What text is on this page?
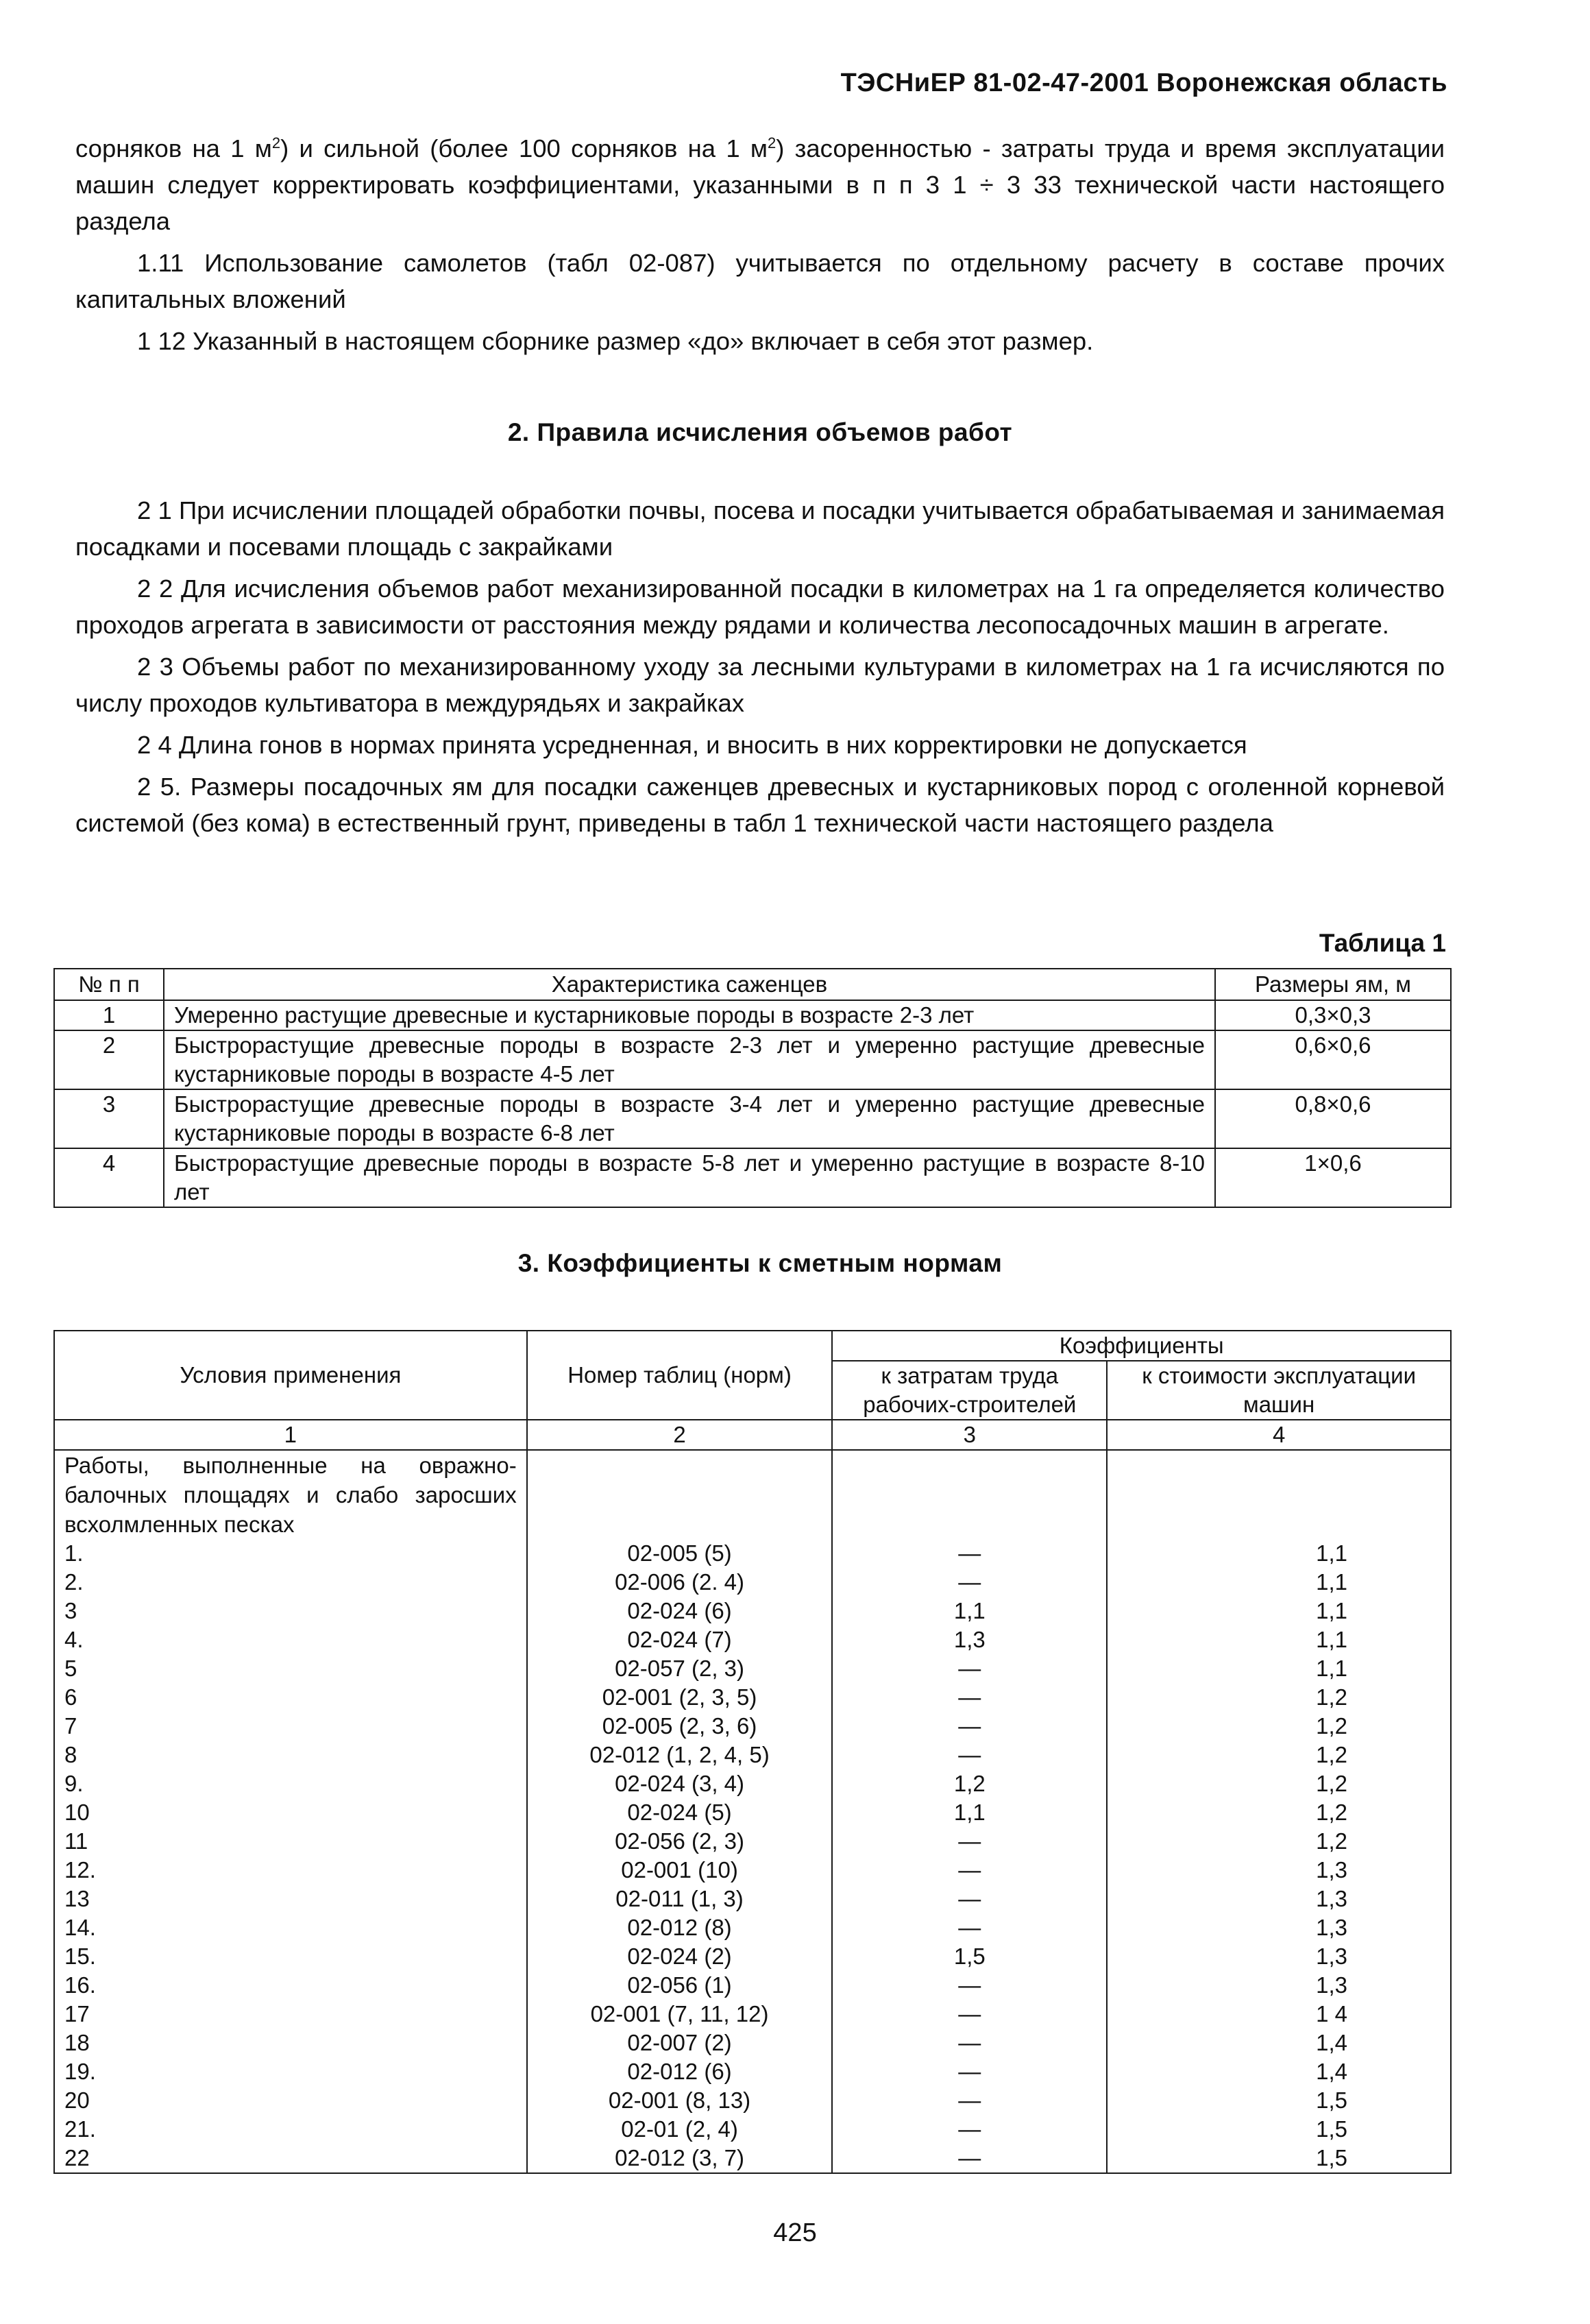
ТЭСНиЕР 81-02-47-2001 Воронежская область

сорняков на 1 $м^2$) и сильной (более 100 сорняков на 1 $м^2$) засоренностью - затраты труда и время эксплуатации машин следует корректировать коэффициентами, указанными в п п 3 1 ÷ 3 33 технической части настоящего раздела

1.11 Использование самолетов (табл 02-087) учитывается по отдельному расчету в составе прочих капитальных вложений

1 12 Указанный в настоящем сборнике размер «до» включает в себя этот размер.

2. Правила исчисления объемов работ

2 1 При исчислении площадей обработки почвы, посева и посадки учитывается обрабатываемая и занимаемая посадками и посевами площадь с закрайками

2 2 Для исчисления объемов работ механизированной посадки в километрах на 1 га определяется количество проходов агрегата в зависимости от расстояния между рядами и количества лесопосадочных машин в агрегате.

2 3 Объемы работ по механизированному уходу за лесными культурами в километрах на 1 га исчисляются по числу проходов культиватора в междурядьях и закрайках

2 4 Длина гонов в нормах принята усредненная, и вносить в них корректировки не допускается

2 5. Размеры посадочных ям для посадки саженцев древесных и кустарниковых пород с оголенной корневой системой (без кома) в естественный грунт, приведены в табл 1 технической части настоящего раздела

Таблица 1
№ п п	Характеристика саженцев	Размеры ям, м
1	Умеренно растущие древесные и кустарниковые породы в возрасте 2-3 лет	0,3×0,3
2	Быстрорастущие древесные породы в возрасте 2-3 лет и умеренно растущие древесные кустарниковые породы в возрасте 4-5 лет	0,6×0,6
3	Быстрорастущие древесные породы в возрасте 3-4 лет и умеренно растущие древесные кустарниковые породы в возрасте 6-8 лет	0,8×0,6
4	Быстрорастущие древесные породы в возрасте 5-8 лет и умеренно растущие в возрасте 8-10 лет	1×0,6
3. Коэффициенты к сметным нормам
Условия применения	Номер таблиц (норм)	Коэффициенты	
		к затратам труда рабочих-строителей	к стоимости эксплуатации машин
1	2	3	4
Работы, выполненные на овражно-балочных площадях и слабо заросших всхолмленных песках			
1.	02-005 (5)	—	1,1
2.	02-006 (2. 4)	—	1,1
3	02-024 (6)	1,1	1,1
4.	02-024 (7)	1,3	1,1
5	02-057 (2, 3)	—	1,1
6	02-001 (2, 3, 5)	—	1,2
7	02-005 (2, 3, 6)	—	1,2
8	02-012 (1, 2, 4, 5)	—	1,2
9.	02-024 (3, 4)	1,2	1,2
10	02-024 (5)	1,1	1,2
11	02-056 (2, 3)	—	1,2
12.	02-001 (10)	—	1,3
13	02-011 (1, 3)	—	1,3
14.	02-012 (8)	—	1,3
15.	02-024 (2)	1,5	1,3
16.	02-056 (1)	—	1,3
17	02-001 (7, 11, 12)	—	1 4
18	02-007 (2)	—	1,4
19.	02-012 (6)	—	1,4
20	02-001 (8, 13)	—	1,5
21.	02-01 (2, 4)	—	1,5
22	02-012 (3, 7)	—	1,5
425
